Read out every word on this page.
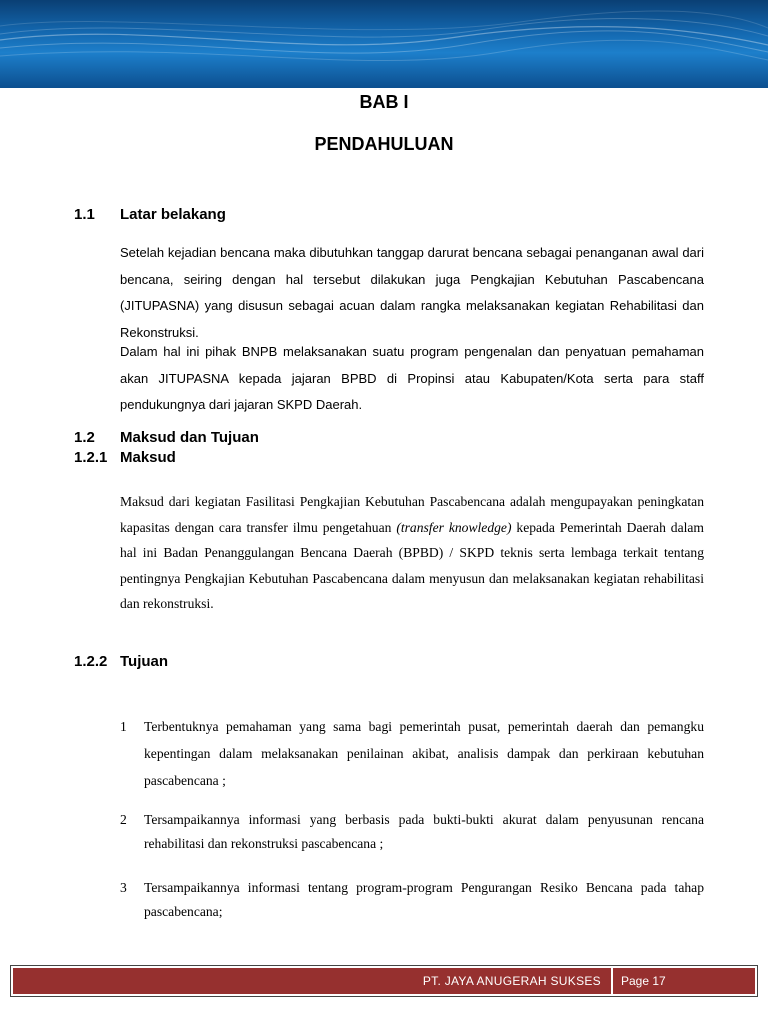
BAB I
PENDAHULUAN
1.1 Latar belakang
Setelah kejadian bencana maka dibutuhkan tanggap darurat bencana sebagai penanganan awal dari bencana, seiring dengan hal tersebut dilakukan juga Pengkajian Kebutuhan Pascabencana (JITUPASNA) yang disusun sebagai acuan dalam rangka melaksanakan kegiatan Rehabilitasi dan Rekonstruksi.
Dalam hal ini pihak BNPB melaksanakan suatu program pengenalan dan penyatuan pemahaman akan JITUPASNA kepada jajaran BPBD di Propinsi atau Kabupaten/Kota serta para staff pendukungnya dari jajaran SKPD Daerah.
1.2 Maksud dan Tujuan
1.2.1 Maksud
Maksud dari kegiatan Fasilitasi Pengkajian Kebutuhan Pascabencana adalah mengupayakan peningkatan kapasitas dengan cara transfer ilmu pengetahuan (transfer knowledge) kepada Pemerintah Daerah dalam hal ini Badan Penanggulangan Bencana Daerah (BPBD) / SKPD teknis serta lembaga terkait tentang pentingnya Pengkajian Kebutuhan Pascabencana dalam menyusun dan melaksanakan kegiatan rehabilitasi dan rekonstruksi.
1.2.2 Tujuan
1 Terbentuknya pemahaman yang sama bagi pemerintah pusat, pemerintah daerah dan pemangku kepentingan dalam melaksanakan penilainan akibat, analisis dampak dan perkiraan kebutuhan pascabencana ;
2 Tersampaikannya informasi yang berbasis pada bukti-bukti akurat dalam penyusunan rencana rehabilitasi dan rekonstruksi pascabencana ;
3 Tersampaikannya informasi tentang program-program Pengurangan Resiko Bencana pada tahap pascabencana;
PT. JAYA ANUGERAH SUKSES	Page 17
